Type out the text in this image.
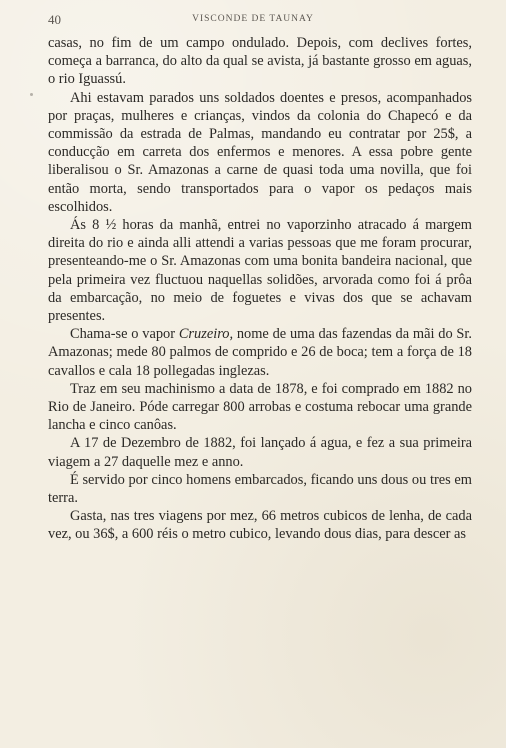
40	VISCONDE DE TAUNAY

casas, no fim de um campo ondulado. Depois, com declives fortes, começa a barranca, do alto da qual se avista, já bastante grosso em aguas, o rio Iguassú.

Ahi estavam parados uns soldados doentes e presos, acompanhados por praças, mulheres e crianças, vindos da colonia do Chapecó e da commissão da estrada de Palmas, mandando eu contratar por 25$, a conducção em carreta dos enfermos e menores. A essa pobre gente liberalisou o Sr. Amazonas a carne de quasi toda uma novilla, que foi então morta, sendo transportados para o vapor os pedaços mais escolhidos.

Ás 8 ½ horas da manhã, entrei no vaporzinho atracado á margem direita do rio e ainda alli attendi a varias pessoas que me foram procurar, presenteando-me o Sr. Amazonas com uma bonita bandeira nacional, que pela primeira vez fluctuou naquellas solidões, arvorada como foi á prôa da embarcação, no meio de foguetes e vivas dos que se achavam presentes.

Chama-se o vapor Cruzeiro, nome de uma das fazendas da mãi do Sr. Amazonas; mede 80 palmos de comprido e 26 de boca; tem a força de 18 cavallos e cala 18 pollegadas inglezas.

Traz em seu machinismo a data de 1878, e foi comprado em 1882 no Rio de Janeiro. Póde carregar 800 arrobas e costuma rebocar uma grande lancha e cinco canôas.

A 17 de Dezembro de 1882, foi lançado á agua, e fez a sua primeira viagem a 27 daquelle mez e anno.

É servido por cinco homens embarcados, ficando uns dous ou tres em terra.

Gasta, nas tres viagens por mez, 66 metros cubicos de lenha, de cada vez, ou 36$, a 600 réis o metro cubico, levando dous dias, para descer as
